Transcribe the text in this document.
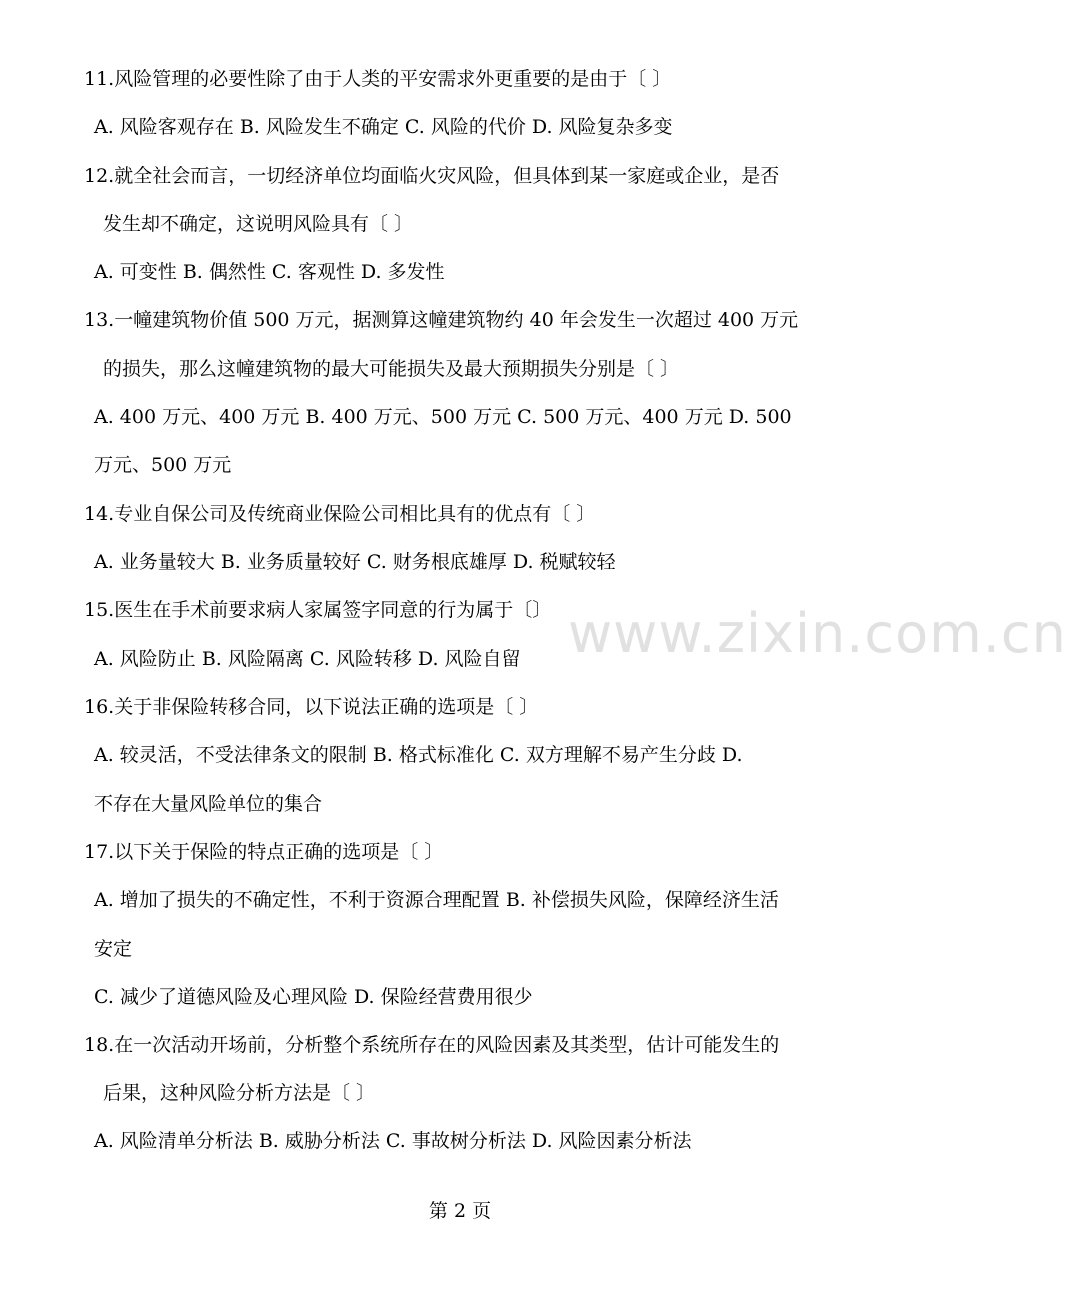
11.风险管理的必要性除了由于人类的平安需求外更重要的是由于〔 〕
A. 风险客观存在 B. 风险发生不确定 C. 风险的代价 D. 风险复杂多变
12.就全社会而言，一切经济单位均面临火灾风险，但具体到某一家庭或企业，是否
发生却不确定，这说明风险具有〔 〕
A. 可变性 B. 偶然性 C. 客观性 D. 多发性
13.一幢建筑物价值 500 万元，据测算这幢建筑物约 40 年会发生一次超过 400 万元
的损失，那么这幢建筑物的最大可能损失及最大预期损失分别是〔 〕
A. 400 万元、400 万元 B. 400 万元、500 万元 C. 500 万元、400 万元 D. 500
万元、500 万元
14.专业自保公司及传统商业保险公司相比具有的优点有〔 〕
A. 业务量较大 B. 业务质量较好 C. 财务根底雄厚 D. 税赋较轻
15.医生在手术前要求病人家属签字同意的行为属于〔〕
A. 风险防止 B. 风险隔离 C. 风险转移 D. 风险自留
16.关于非保险转移合同，以下说法正确的选项是〔 〕
A. 较灵活，不受法律条文的限制 B. 格式标准化 C. 双方理解不易产生分歧 D.
不存在大量风险单位的集合
17.以下关于保险的特点正确的选项是〔 〕
A. 增加了损失的不确定性，不利于资源合理配置 B. 补偿损失风险，保障经济生活
安定
C. 减少了道德风险及心理风险 D. 保险经营费用很少
18.在一次活动开场前，分析整个系统所存在的风险因素及其类型，估计可能发生的
后果，这种风险分析方法是〔 〕
A. 风险清单分析法 B. 威胁分析法 C. 事故树分析法 D. 风险因素分析法
www.zixin.com.cn
第 2 页
